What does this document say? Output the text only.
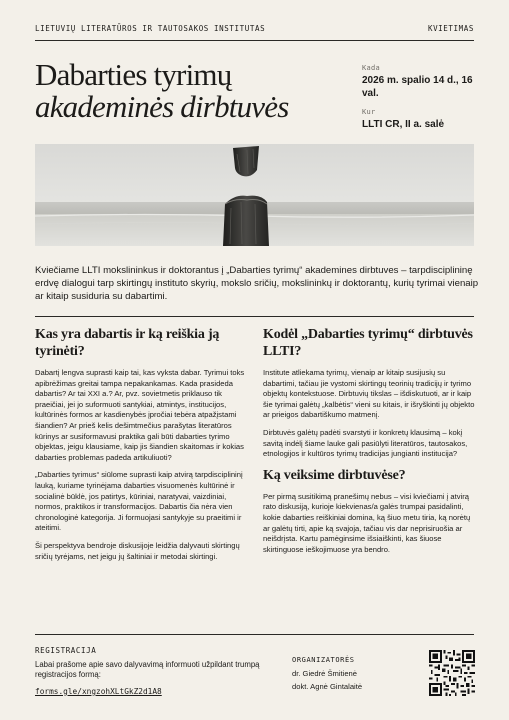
LIETUVIŲ LITERATŪROS IR TAUTOSAKOS INSTITUTAS	KVIETIMAS
Dabarties tyrimų
akademinės dirbtuvės
Kada
2026 m. spalio 14 d., 16 val.
Kur
LLTI CR, II a. salė

Kviečiame LLTI mokslininkus ir doktorantus į „Dabarties tyrimų“ akademines dirbtuves – tarpdisciplininę erdvę dialogui tarp skirtingų instituto skyrių, mokslo sričių, mokslininkų ir doktorantų, kurių tyrimai vienaip ar kitaip susiduria su dabartimi.

Kas yra dabartis ir ką reiškia ją tyrinėti?

Dabartį lengva suprasti kaip tai, kas vyksta dabar. Tyrimui toks apibrėžimas greitai tampa nepakankamas. Kada prasideda dabartis? Ar tai XXI a.? Ar, pvz. sovietmetis priklauso tik praeičiai, jei jo suformuoti santykiai, atmintys, institucijos, kultūrinės formos ar kasdienybės įpročiai tebėra atpažįstami šiandien? Ar prieš kelis dešimtmečius parašytas literatūros kūrinys ar susiformavusi praktika gali būti dabarties tyrimo objektas, jeigu klausiame, kaip jis šiandien skaitomas ir kokias dabarties problemas padeda artikuliuoti?

„Dabarties tyrimus“ siūlome suprasti kaip atvirą tarpdisciplininį lauką, kuriame tyrinėjama dabarties visuomenės kultūrinė ir socialinė būklė, jos patirtys, kūriniai, naratyvai, vaizdiniai, normos, praktikos ir transformacijos. Dabartis čia nėra vien chronologinė kategorija. Ji formuojasi santykyje su praeitimi ir ateitimi.

Ši perspektyva bendroje diskusijoje leidžia dalyvauti skirtingų sričių tyrėjams, net jeigu jų šaltiniai ir metodai skirtingi.

Kodėl „Dabarties tyrimų“ dirbtuvės LLTI?

Institute atliekama tyrimų, vienaip ar kitaip susijusių su dabartimi, tačiau jie vystomi skirtingų teorinių tradicijų ir tyrimo objektų kontekstuose. Dirbtuvių tikslas – išdiskutuoti, ar ir kaip šie tyrimai galėtų „kalbėtis“ vieni su kitais, ir išryškinti jų objekto ar prieigos dabartiškumo matmenį.

Dirbtuvės galėtų padėti svarstyti ir konkretų klausimą – kokį savitą indėlį šiame lauke gali pasiūlyti literatūros, tautosakos, etnologijos ir kultūros tyrimų tradicijas jungianti institucija?

Ką veiksime dirbtuvėse?

Per pirmą susitikimą pranešimų nebus – visi kviečiami į atvirą rato diskusiją, kurioje kiekvienas/a galės trumpai pasidalinti, kokie dabarties reiškiniai domina, ką šiuo metu tiria, ką norėtų ar galėtų tirti, apie ką svajoja, tačiau vis dar neprisiruošia ar neišdrįsta. Kartu pamėginsime išsiaiškinti, kas šiuose skirtinguose ieškojimuose yra bendro.

REGISTRACIJA

Labai prašome apie savo dalyvavimą informuoti užpildant trumpą registracijos formą:

forms.gle/xngzohXLtGkZ2d1A8
ORGANIZATORĖS
dr. Giedrė Šmitienė
dokt. Agnė Gintalaitė
